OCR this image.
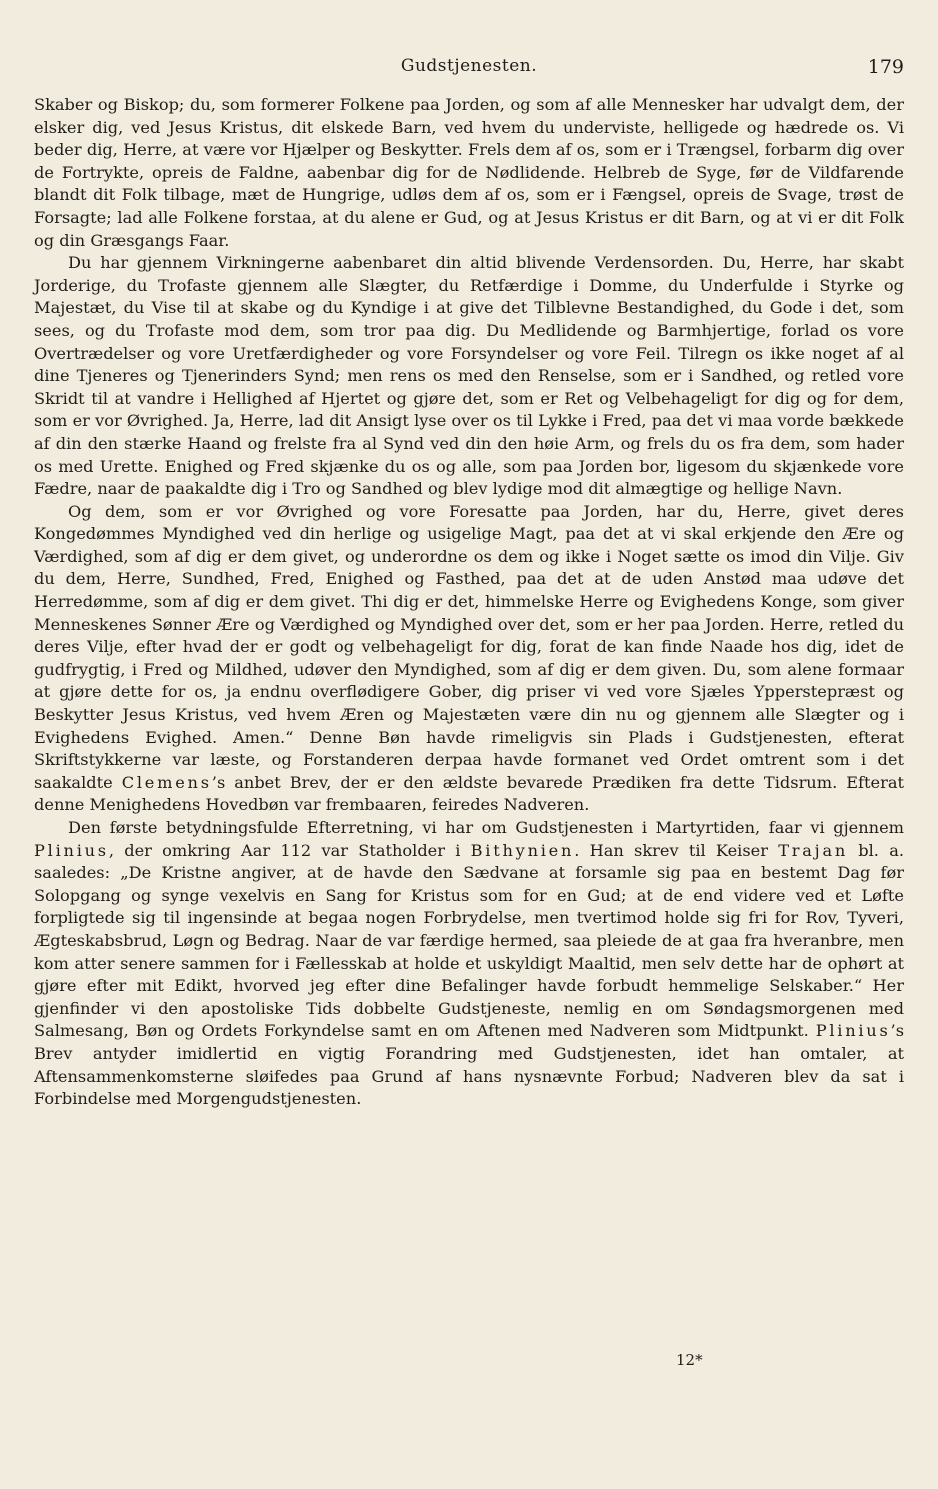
Gudstjenesten.	179

Skaber og Biskop; du, som formerer Folkene paa Jorden, og som af alle Mennesker har udvalgt dem, der elsker dig, ved Jesus Kristus, dit elskede Barn, ved hvem du underviste, helligede og hædrede os. Vi beder dig, Herre, at være vor Hjælper og Beskytter. Frels dem af os, som er i Trængsel, forbarm dig over de Fortrykte, opreis de Faldne, aabenbar dig for de Nødlidende. Helbreb de Syge, før de Vildfarende blandt dit Folk tilbage, mæt de Hungrige, udløs dem af os, som er i Fængsel, opreis de Svage, trøst de Forsagte; lad alle Folkene forstaa, at du alene er Gud, og at Jesus Kristus er dit Barn, og at vi er dit Folk og din Græsgangs Faar.

Du har gjennem Virkningerne aabenbaret din altid blivende Verdensorden. Du, Herre, har skabt Jorderige, du Trofaste gjennem alle Slægter, du Retfærdige i Domme, du Underfulde i Styrke og Majestæt, du Vise til at skabe og du Kyndige i at give det Tilblevne Bestandighed, du Gode i det, som sees, og du Trofaste mod dem, som tror paa dig. Du Medlidende og Barmhjertige, forlad os vore Overtrædelser og vore Uretfærdigheder og vore Forsyndelser og vore Feil. Tilregn os ikke noget af al dine Tjeneres og Tjenerinders Synd; men rens os med den Renselse, som er i Sandhed, og retled vore Skridt til at vandre i Hellighed af Hjertet og gjøre det, som er Ret og Velbehageligt for dig og for dem, som er vor Øvrighed. Ja, Herre, lad dit Ansigt lyse over os til Lykke i Fred, paa det vi maa vorde bækkede af din den stærke Haand og frelste fra al Synd ved din den høie Arm, og frels du os fra dem, som hader os med Urette. Enighed og Fred skjænke du os og alle, som paa Jorden bor, ligesom du skjænkede vore Fædre, naar de paakaldte dig i Tro og Sandhed og blev lydige mod dit almægtige og hellige Navn.

Og dem, som er vor Øvrighed og vore Foresatte paa Jorden, har du, Herre, givet deres Kongedømmes Myndighed ved din herlige og usigelige Magt, paa det at vi skal erkjende den Ære og Værdighed, som af dig er dem givet, og underordne os dem og ikke i Noget sætte os imod din Vilje. Giv du dem, Herre, Sundhed, Fred, Enighed og Fasthed, paa det at de uden Anstød maa udøve det Herredømme, som af dig er dem givet. Thi dig er det, himmelske Herre og Evighedens Konge, som giver Menneskenes Sønner Ære og Værdighed og Myndighed over det, som er her paa Jorden. Herre, retled du deres Vilje, efter hvad der er godt og velbehageligt for dig, forat de kan finde Naade hos dig, idet de gudfrygtig, i Fred og Mildhed, udøver den Myndighed, som af dig er dem given. Du, som alene formaar at gjøre dette for os, ja endnu overflødigere Gober, dig priser vi ved vore Sjæles Ypperstepræst og Beskytter Jesus Kristus, ved hvem Æren og Majestæten være din nu og gjennem alle Slægter og i Evighedens Evighed. Amen.“ Denne Bøn havde rimeligvis sin Plads i Gudstjenesten, efterat Skriftstykkerne var læste, og Forstanderen derpaa havde formanet ved Ordet omtrent som i det saakaldte Clemens’s anbet Brev, der er den ældste bevarede Prædiken fra dette Tidsrum. Efterat denne Menighedens Hovedbøn var frembaaren, feiredes Nadveren.

Den første betydningsfulde Efterretning, vi har om Gudstjenesten i Martyrtiden, faar vi gjennem Plinius, der omkring Aar 112 var Statholder i Bithynien. Han skrev til Keiser Trajan bl. a. saaledes: „De Kristne angiver, at de havde den Sædvane at forsamle sig paa en bestemt Dag før Solopgang og synge vexelvis en Sang for Kristus som for en Gud; at de end videre ved et Løfte forpligtede sig til ingensinde at begaa nogen Forbrydelse, men tvertimod holde sig fri for Rov, Tyveri, Ægteskabsbrud, Løgn og Bedrag. Naar de var færdige hermed, saa pleiede de at gaa fra hveranbre, men kom atter senere sammen for i Fællesskab at holde et uskyldigt Maaltid, men selv dette har de ophørt at gjøre efter mit Edikt, hvorved jeg efter dine Befalinger havde forbudt hemmelige Selskaber.“ Her gjenfinder vi den apostoliske Tids dobbelte Gudstjeneste, nemlig en om Søndagsmorgenen med Salmesang, Bøn og Ordets Forkyndelse samt en om Aftenen med Nadveren som Midtpunkt. Plinius’s Brev antyder imidlertid en vigtig Forandring med Gudstjenesten, idet han omtaler, at Aftensammenkomsterne sløifedes paa Grund af hans nysnævnte Forbud; Nadveren blev da sat i Forbindelse med Morgengudstjenesten.

12*
